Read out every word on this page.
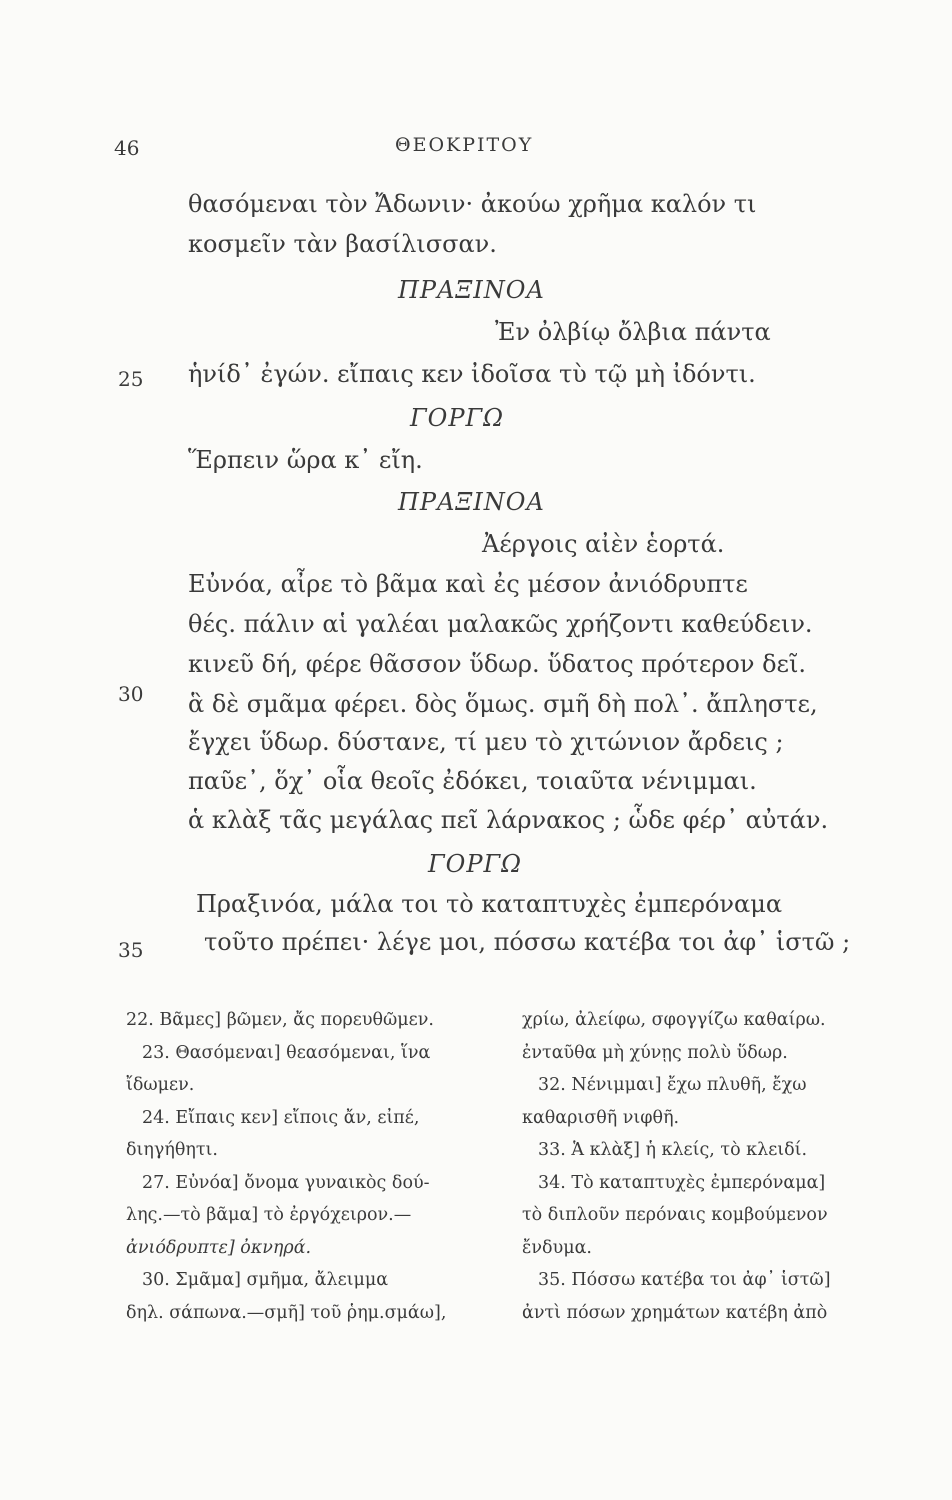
46	ΘΕΟΚΡΙΤΟΥ
θασόμεναι τὸν Ἄδωνιν· ἀκούω χρῆμα καλόν τι
κοσμεῖν τὰν βασίλισσαν.
ΠΡΑΞΙΝΟΑ
Ἐν ὀλβίῳ ὄλβια πάντα
25 ἡνίδ᾽ ἐγών. εἴπαις κεν ἰδοῖσα τὺ τῷ μὴ ἰδόντι.
ΓΟΡΓΩ
Ἕρπειν ὥρα κ᾽ εἴη.
ΠΡΑΞΙΝΟΑ
Ἀέργοις αἰὲν ἑορτά.
Εὐνόα, αἶρε τὸ βᾶμα καὶ ἐς μέσον ἀνιόδρυπτε
θές. πάλιν αἱ γαλέαι μαλακῶς χρήζοντι καθεύδειν.
κινεῦ δή, φέρε θᾶσσον ὕδωρ. ὕδατος πρότερον δεῖ.
30 ἃ δὲ σμᾶμα φέρει. δὸς ὅμως. σμῆ δὴ πολ᾽. ἄπληστε,
ἔγχει ὕδωρ. δύστανε, τί μευ τὸ χιτώνιον ἄρδεις ;
παῦε᾽, ὅχ᾽ οἷα θεοῖς ἐδόκει, τοιαῦτα νένιμμαι.
ἁ κλὰξ τᾶς μεγάλας πεῖ λάρνακος ; ὧδε φέρ᾽ αὐτάν.
ΓΟΡΓΩ
Πραξινόα, μάλα τοι τὸ καταπτυχὲς ἐμπερόναμα
35	τοῦτο πρέπει· λέγε μοι, πόσσω κατέβα τοι ἀφ᾽ ἱστῶ ;
22. Βᾶμες] βῶμεν, ἄς πορευθῶμεν.
23. Θασόμεναι] θεασόμεναι, ἵνα
ἴδωμεν.
24. Εἴπαις κεν] εἴποις ἄν, εἰπέ,
διηγήθητι.
27. Εὐνόα] ὄνομα γυναικὸς δού-
λης.—τὸ βᾶμα] τὸ ἐργόχειρον.—
ἀνιόδρυπτε] ὀκνηρά.
30. Σμᾶμα] σμῆμα, ἄλειμμα
δηλ. σάπωνα.—σμῆ] τοῦ ῥημ.σμάω],
χρίω, ἀλείφω, σφογγίζω καθαίρω.
ἐνταῦθα μὴ χύνῃς πολὺ ὕδωρ.
32. Νένιμμαι] ἔχω πλυθῆ, ἔχω
καθαρισθῆ νιφθῆ.
33. Ἁ κλὰξ] ἡ κλείς, τὸ κλειδί.
34. Τὸ καταπτυχὲς ἐμπερόναμα]
τὸ διπλοῦν περόναις κομβούμενον
ἔνδυμα.
35. Πόσσω κατέβα τοι ἀφ᾽ ἱστῶ]
ἀντὶ πόσων χρημάτων κατέβη ἀπὸ
